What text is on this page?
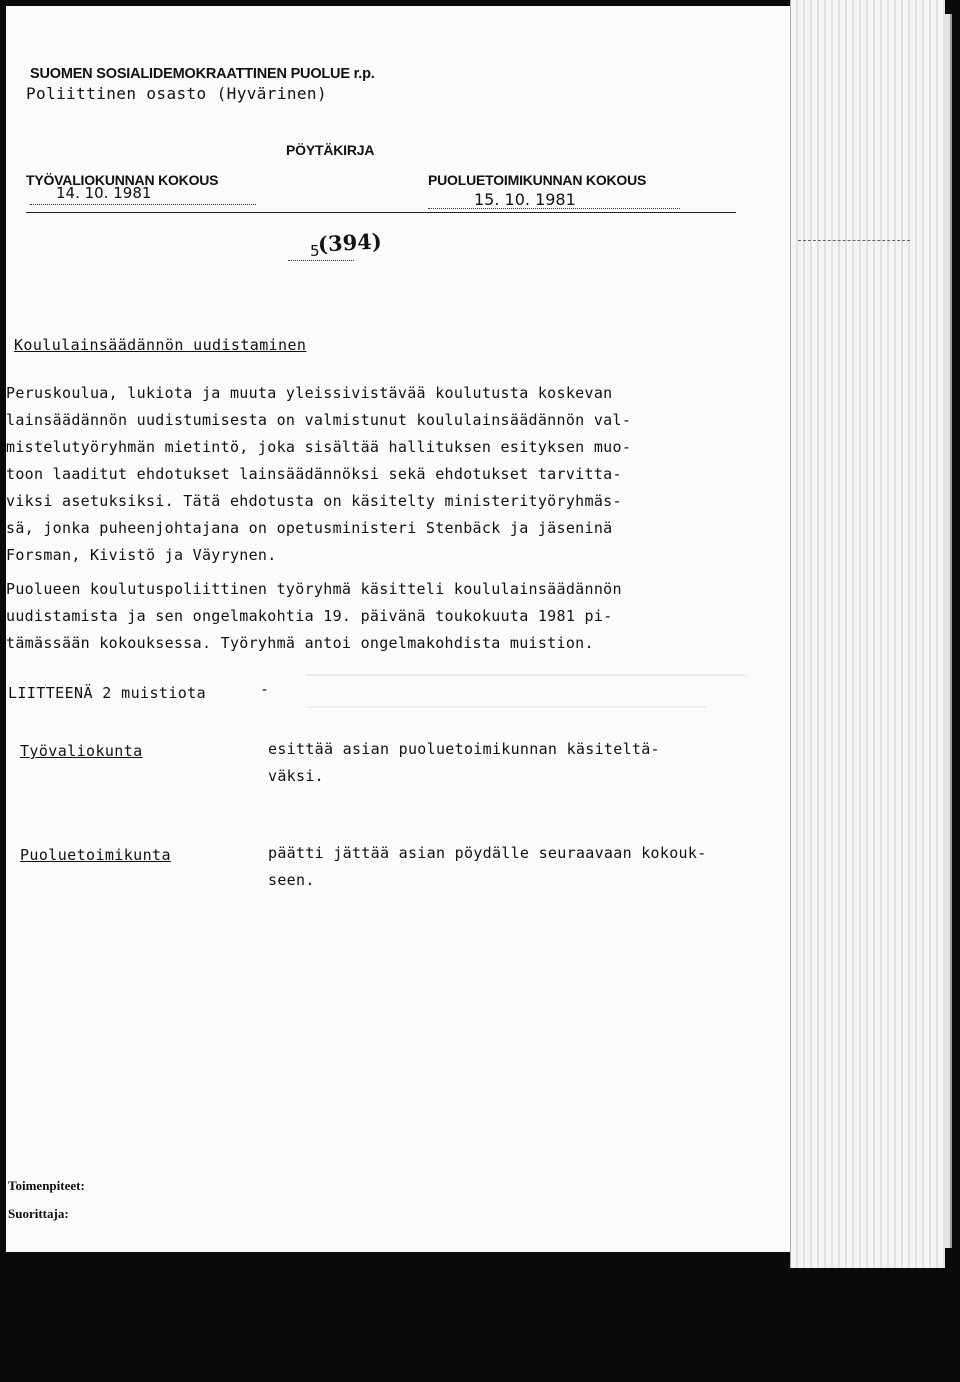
SUOMEN SOSIALIDEMOKRAATTINEN PUOLUE r.p.
Poliittinen osasto (Hyvärinen)
PÖYTÄKIRJA
TYÖVALIOKUNNAN KOKOUS
14. 10. 1981
PUOLUETOIMIKUNNAN KOKOUS
15. 10. 1981
5
(394)
Koululainsäädännön uudistaminen
Peruskoulua, lukiota ja muuta yleissivistävää koulutusta koskevan
lainsäädännön uudistumisesta on valmistunut koululainsäädännön val-
mistelutyöryhmän mietintö, joka sisältää hallituksen esityksen muo-
toon laaditut ehdotukset lainsäädännöksi sekä ehdotukset tarvitta-
viksi asetuksiksi. Tätä ehdotusta on käsitelty ministerityöryhmäs-
sä, jonka puheenjohtajana on opetusministeri Stenbäck ja jäseninä
Forsman, Kivistö ja Väyrynen.
Puolueen koulutuspoliittinen työryhmä käsitteli koululainsäädännön
uudistamista ja sen ongelmakohtia 19. päivänä toukokuuta 1981 pi-
tämässään kokouksessa. Työryhmä antoi ongelmakohdista muistion.
LIITTEENÄ 2 muistiota	-
Työvaliokunta	esittää asian puoluetoimikunnan käsiteltä-
väksi.
Puoluetoimikunta	päätti jättää asian pöydälle seuraavaan kokouk-
seen.
Toimenpiteet:
Suorittaja:
